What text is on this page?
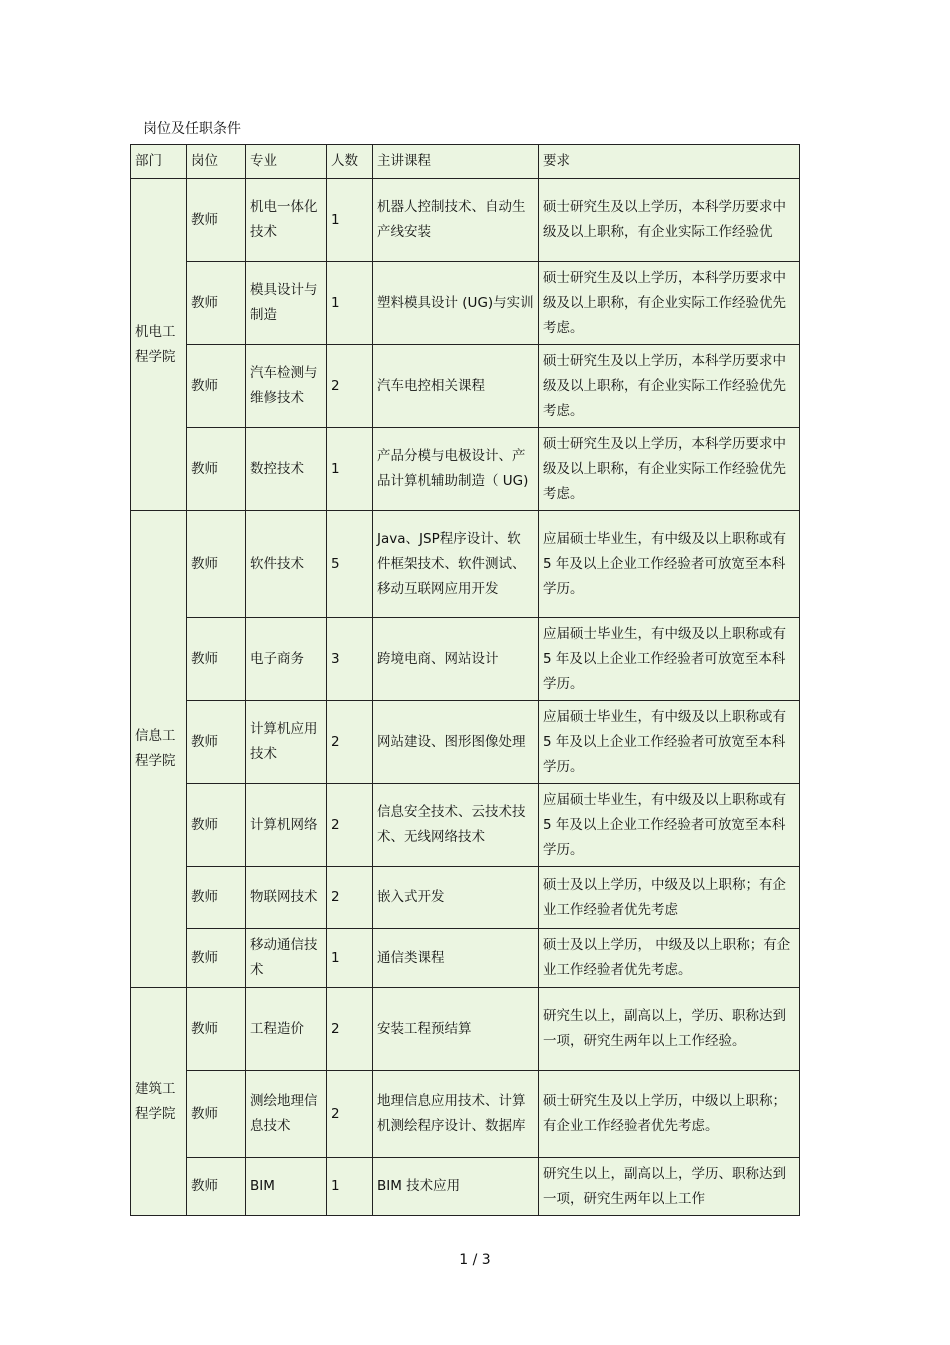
岗位及任职条件
部门	岗位	专业	人数	主讲课程	要求
机电工程学院	教师	机电一体化技术	1	机器人控制技术、自动生产线安装	硕士研究生及以上学历，本科学历要求中级及以上职称，有企业实际工作经验优
	教师	模具设计与制造	1	塑料模具设计 (UG)与实训	硕士研究生及以上学历，本科学历要求中级及以上职称，有企业实际工作经验优先考虑。
	教师	汽车检测与维修技术	2	汽车电控相关课程	硕士研究生及以上学历，本科学历要求中级及以上职称，有企业实际工作经验优先考虑。
	教师	数控技术	1	产品分模与电极设计、产品计算机辅助制造（ UG)	硕士研究生及以上学历，本科学历要求中级及以上职称，有企业实际工作经验优先考虑。
信息工程学院	教师	软件技术	5	Java、JSP程序设计、软件框架技术、软件测试、移动互联网应用开发	应届硕士毕业生，有中级及以上职称或有 5 年及以上企业工作经验者可放宽至本科学历。
	教师	电子商务	3	跨境电商、网站设计	应届硕士毕业生，有中级及以上职称或有 5 年及以上企业工作经验者可放宽至本科学历。
	教师	计算机应用技术	2	网站建设、图形图像处理	应届硕士毕业生，有中级及以上职称或有 5 年及以上企业工作经验者可放宽至本科学历。
	教师	计算机网络	2	信息安全技术、云技术技术、无线网络技术	应届硕士毕业生，有中级及以上职称或有 5 年及以上企业工作经验者可放宽至本科学历。
	教师	物联网技术	2	嵌入式开发	硕士及以上学历，中级及以上职称；有企业工作经验者优先考虑
	教师	移动通信技术	1	通信类课程	硕士及以上学历， 中级及以上职称；有企业工作经验者优先考虑。
建筑工程学院	教师	工程造价	2	安装工程预结算	研究生以上，副高以上，学历、职称达到一项，研究生两年以上工作经验。
	教师	测绘地理信息技术	2	地理信息应用技术、计算机测绘程序设计、数据库	硕士研究生及以上学历，中级以上职称；有企业工作经验者优先考虑。
	教师	BIM	1	BIM 技术应用	研究生以上，副高以上，学历、职称达到一项，研究生两年以上工作
1 / 3
